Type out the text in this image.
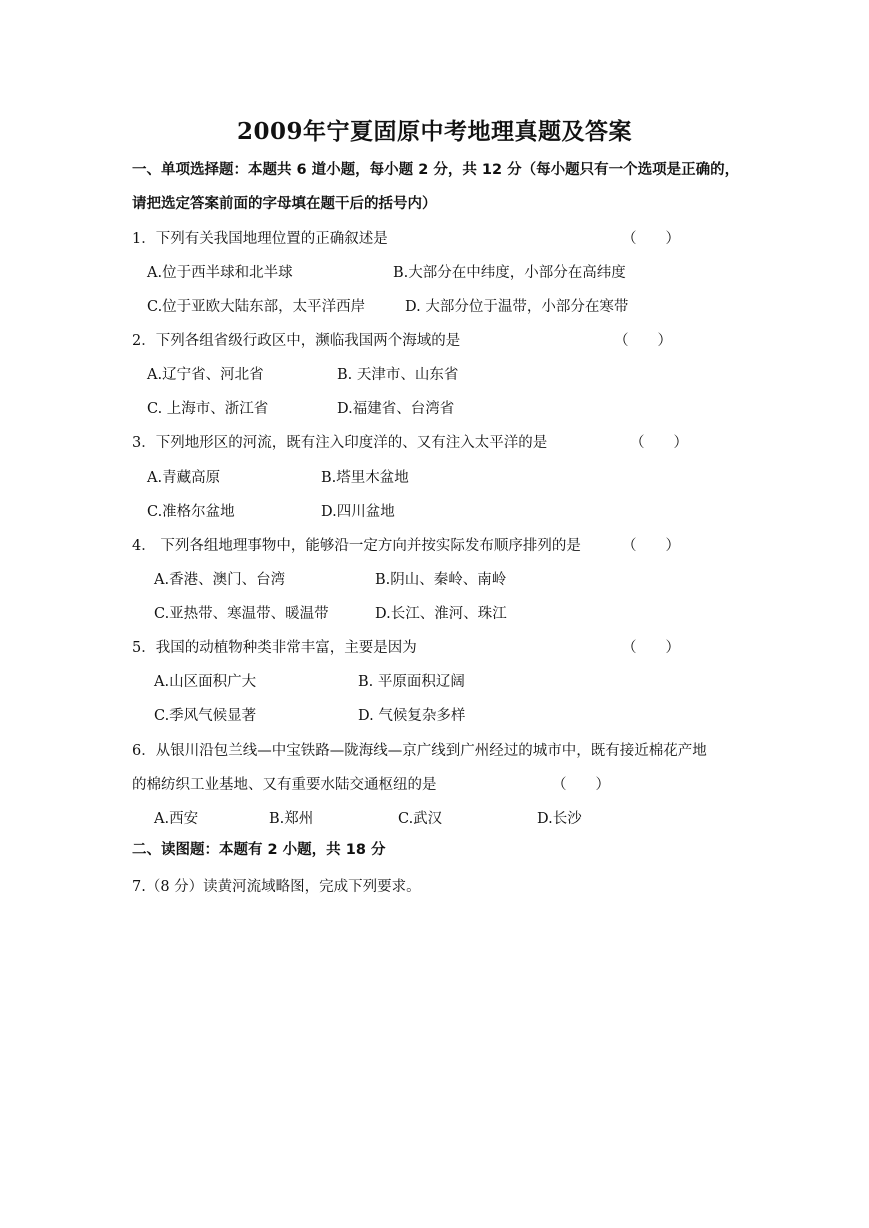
2009年宁夏固原中考地理真题及答案
一、单项选择题：本题共 6 道小题，每小题 2 分，共 12 分（每小题只有一个选项是正确的，
请把选定答案前面的字母填在题干后的括号内）
1．下列有关我国地理位置的正确叙述是	（　　）
A.位于西半球和北半球	B.大部分在中纬度，小部分在高纬度
C.位于亚欧大陆东部，太平洋西岸	D. 大部分位于温带，小部分在寒带
2．下列各组省级行政区中，濒临我国两个海域的是	（　　）
A.辽宁省、河北省	B. 天津市、山东省
C. 上海市、浙江省	D.福建省、台湾省
3．下列地形区的河流，既有注入印度洋的、又有注入太平洋的是	（　　）
A.青藏高原	B.塔里木盆地
C.准格尔盆地	D.四川盆地
4． 下列各组地理事物中，能够沿一定方向并按实际发布顺序排列的是	（　　）
A.香港、澳门、台湾	B.阴山、秦岭、南岭
C.亚热带、寒温带、暖温带	D.长江、淮河、珠江
5．我国的动植物种类非常丰富，主要是因为	（　　）
A.山区面积广大	B. 平原面积辽阔
C.季风气候显著	D. 气候复杂多样
6．从银川沿包兰线—中宝铁路—陇海线—京广线到广州经过的城市中，既有接近棉花产地
的棉纺织工业基地、又有重要水陆交通枢纽的是	（　　）
A.西安	B.郑州	C.武汉	D.长沙
二、读图题：本题有 2 小题，共 18 分
7.（8 分）读黄河流域略图，完成下列要求。
